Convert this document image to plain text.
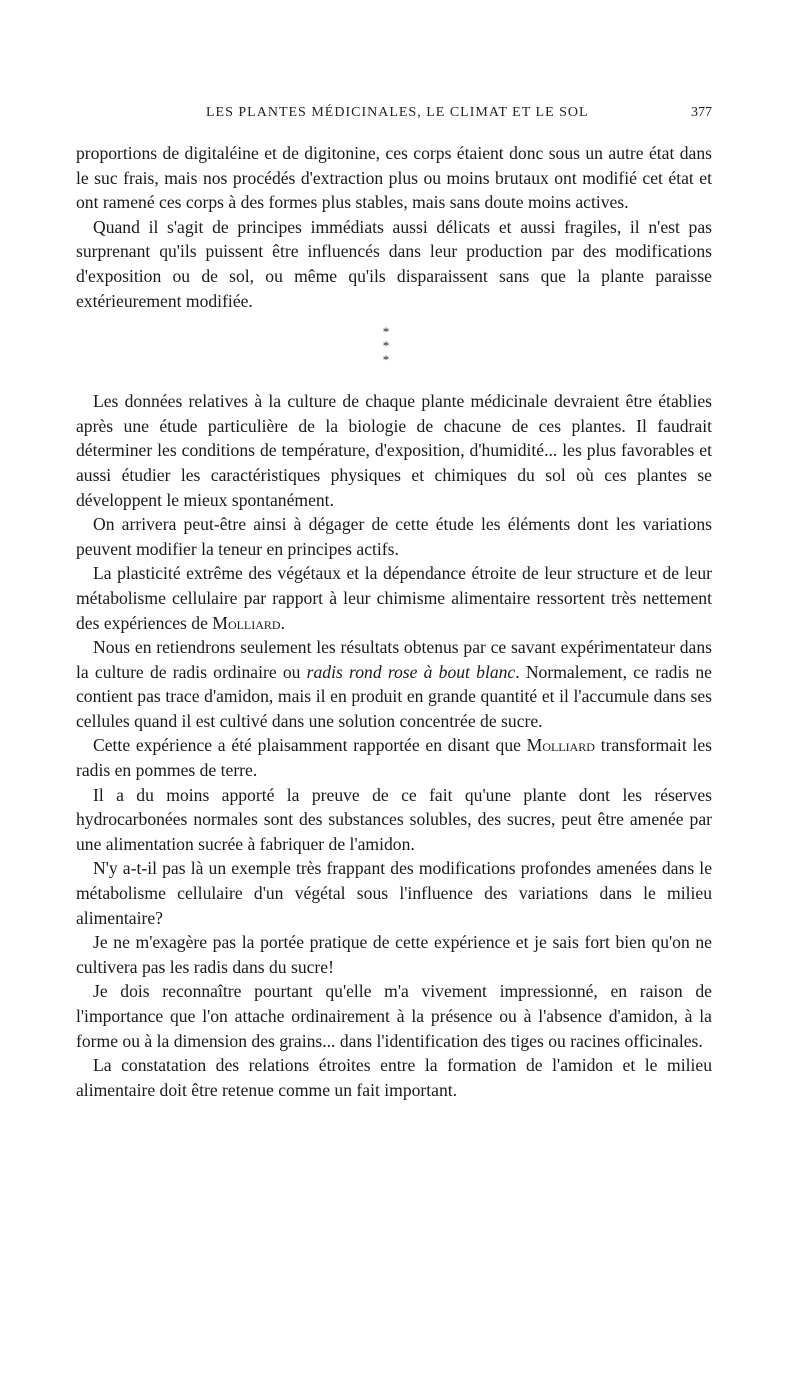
LES PLANTES MÉDICINALES, LE CLIMAT ET LE SOL	377

proportions de digitaléine et de digitonine, ces corps étaient donc sous un autre état dans le suc frais, mais nos procédés d'extraction plus ou moins brutaux ont modifié cet état et ont ramené ces corps à des formes plus stables, mais sans doute moins actives.

Quand il s'agit de principes immédiats aussi délicats et aussi fragiles, il n'est pas surprenant qu'ils puissent être influencés dans leur production par des modifications d'exposition ou de sol, ou même qu'ils disparaissent sans que la plante paraisse extérieurement modifiée.

*
* *

Les données relatives à la culture de chaque plante médicinale devraient être établies après une étude particulière de la biologie de chacune de ces plantes. Il faudrait déterminer les conditions de température, d'exposition, d'humidité... les plus favorables et aussi étudier les caractéristiques physiques et chimiques du sol où ces plantes se développent le mieux spontanément.

On arrivera peut-être ainsi à dégager de cette étude les éléments dont les variations peuvent modifier la teneur en principes actifs.

La plasticité extrême des végétaux et la dépendance étroite de leur structure et de leur métabolisme cellulaire par rapport à leur chimisme alimentaire ressortent très nettement des expériences de Molliard.

Nous en retiendrons seulement les résultats obtenus par ce savant expérimentateur dans la culture de radis ordinaire ou radis rond rose à bout blanc. Normalement, ce radis ne contient pas trace d'amidon, mais il en produit en grande quantité et il l'accumule dans ses cellules quand il est cultivé dans une solution concentrée de sucre.

Cette expérience a été plaisamment rapportée en disant que Molliard transformait les radis en pommes de terre.

Il a du moins apporté la preuve de ce fait qu'une plante dont les réserves hydrocarbonées normales sont des substances solubles, des sucres, peut être amenée par une alimentation sucrée à fabriquer de l'amidon.

N'y a-t-il pas là un exemple très frappant des modifications profondes amenées dans le métabolisme cellulaire d'un végétal sous l'influence des variations dans le milieu alimentaire?

Je ne m'exagère pas la portée pratique de cette expérience et je sais fort bien qu'on ne cultivera pas les radis dans du sucre!

Je dois reconnaître pourtant qu'elle m'a vivement impressionné, en raison de l'importance que l'on attache ordinairement à la présence ou à l'absence d'amidon, à la forme ou à la dimension des grains... dans l'identification des tiges ou racines officinales.

La constatation des relations étroites entre la formation de l'amidon et le milieu alimentaire doit être retenue comme un fait important.
